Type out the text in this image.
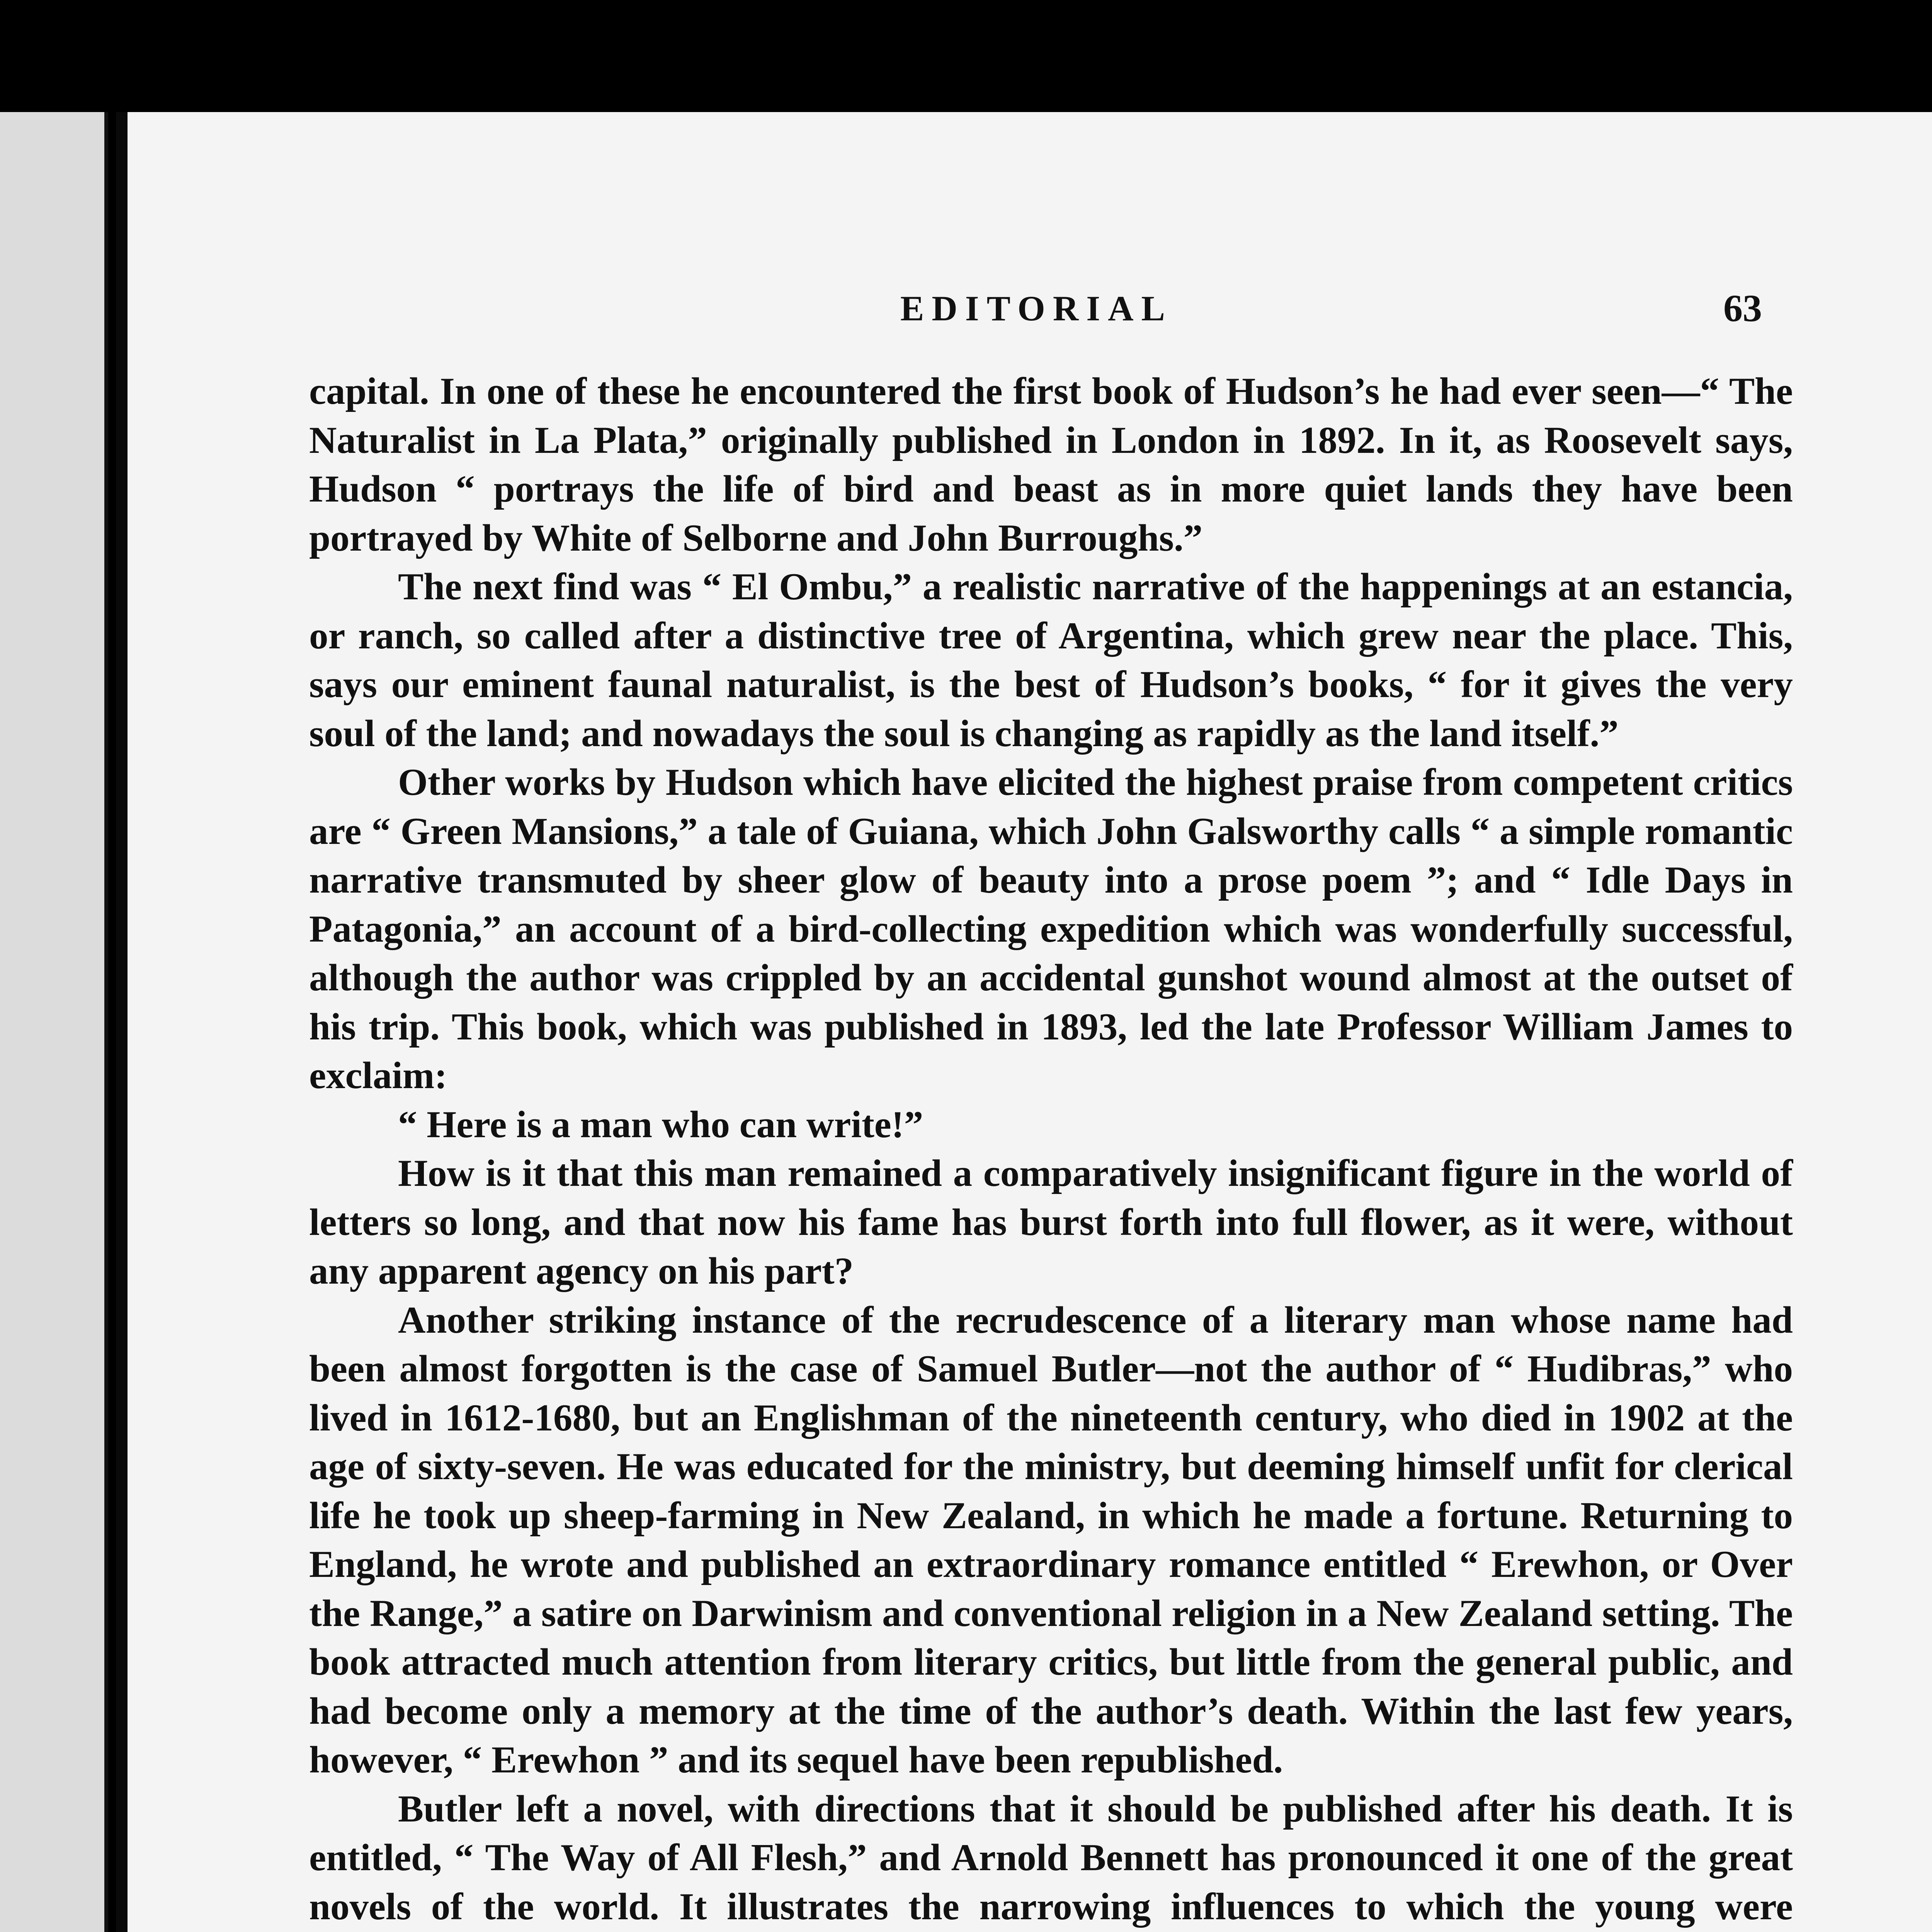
EDITORIAL	63

capital. In one of these he encountered the first book of Hudson’s he had ever seen—“ The Naturalist in La Plata,” originally published in London in 1892. In it, as Roosevelt says, Hudson “ portrays the life of bird and beast as in more quiet lands they have been portrayed by White of Selborne and John Burroughs.”

The next find was “ El Ombu,” a realistic narrative of the happenings at an estancia, or ranch, so called after a distinctive tree of Argentina, which grew near the place. This, says our eminent faunal naturalist, is the best of Hudson’s books, “ for it gives the very soul of the land; and nowadays the soul is changing as rapidly as the land itself.”

Other works by Hudson which have elicited the highest praise from competent critics are “ Green Mansions,” a tale of Guiana, which John Galsworthy calls “ a simple romantic narrative transmuted by sheer glow of beauty into a prose poem ”; and “ Idle Days in Patagonia,” an account of a bird-collecting expedition which was wonderfully successful, although the author was crippled by an accidental gunshot wound almost at the outset of his trip. This book, which was published in 1893, led the late Professor William James to exclaim:

“ Here is a man who can write!”

How is it that this man remained a comparatively insignificant figure in the world of letters so long, and that now his fame has burst forth into full flower, as it were, without any apparent agency on his part?

Another striking instance of the recrudescence of a literary man whose name had been almost forgotten is the case of Samuel Butler—not the author of “ Hudibras,” who lived in 1612-1680, but an Englishman of the nineteenth century, who died in 1902 at the age of sixty-seven. He was educated for the ministry, but deeming himself unfit for clerical life he took up sheep-farming in New Zealand, in which he made a fortune. Returning to England, he wrote and published an extraordinary romance entitled “ Erewhon, or Over the Range,” a satire on Darwinism and conventional religion in a New Zealand setting. The book attracted much attention from literary critics, but little from the general public, and had become only a memory at the time of the author’s death. Within the last few years, however, “ Erewhon ” and its sequel have been republished.

Butler left a novel, with directions that it should be published after his death. It is entitled, “ The Way of All Flesh,” and Arnold Bennett has pronounced it one of the great novels of the world. It illustrates the narrowing influences to which the young were
